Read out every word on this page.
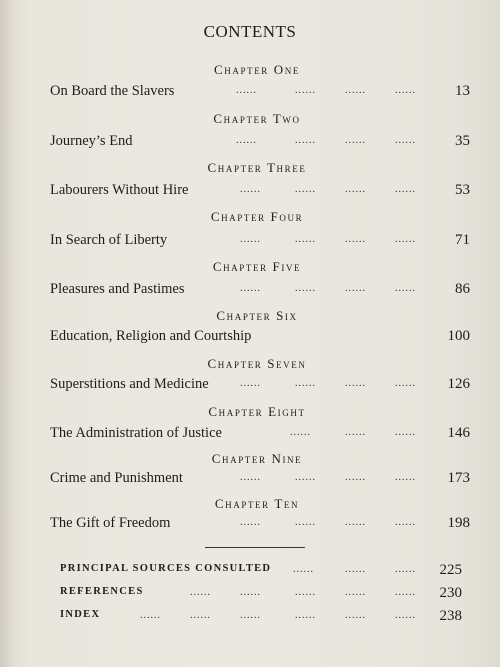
CONTENTS
Chapter One
On Board the Slavers	......	......	......	......	13
Chapter Two
Journey’s End	......	......	......	......	35
Chapter Three
Labourers Without Hire	......	......	......	......	53
Chapter Four
In Search of Liberty	......	......	......	......	71
Chapter Five
Pleasures and Pastimes	......	......	......	......	86
Chapter Six
Education, Religion and Courtship	100
Chapter Seven
Superstitions and Medicine	......	......	......	...... 126
Chapter Eight
The Administration of Justice	......	......	...... 146
Chapter Nine
Crime and Punishment	......	......	......	...... 173
Chapter Ten
The Gift of Freedom	......	......	......	...... 198
PRINCIPAL SOURCES CONSULTED ......	......	...... 225
REFERENCES	......	......	......	......	...... 230
INDEX	......	......	......	......	......	...... 238
